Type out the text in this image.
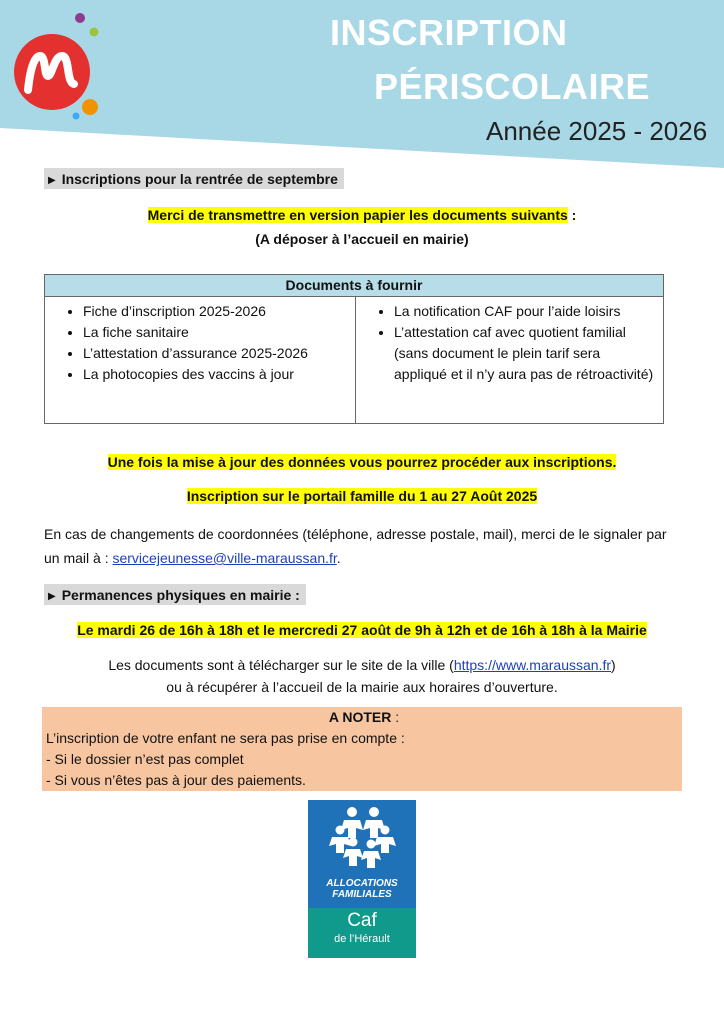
INSCRIPTION
PÉRISCOLAIRE
Année 2025 - 2026
▶ Inscriptions pour la rentrée de septembre
Merci de transmettre en version papier les documents suivants :
(A déposer à l’accueil en mairie)
Documents à fournir
• Fiche d’inscription 2025-2026
• La fiche sanitaire
• L’attestation d’assurance 2025-2026
• La photocopies des vaccins à jour
• La notification CAF pour l’aide loisirs
• L’attestation caf avec quotient familial (sans document le plein tarif sera appliqué et il n’y aura pas de rétroactivité)
Une fois la mise à jour des données vous pourrez procéder aux inscriptions.
Inscription sur le portail famille du 1 au 27 Août 2025
En cas de changements de coordonnées (téléphone, adresse postale, mail), merci de le signaler par un mail à : servicejeunesse@ville-maraussan.fr.
▶ Permanences physiques en mairie :
Le mardi 26 de 16h à 18h et le mercredi 27 août de 9h à 12h et de 16h à 18h à la Mairie
Les documents sont à télécharger sur le site de la ville (https://www.maraussan.fr)
ou à récupérer à l’accueil de la mairie aux horaires d’ouverture.
A NOTER :
L’inscription de votre enfant ne sera pas prise en compte :
- Si le dossier n’est pas complet
- Si vous n’êtes pas à jour des paiements.
ALLOCATIONS
FAMILIALES
Caf
de l’Hérault
